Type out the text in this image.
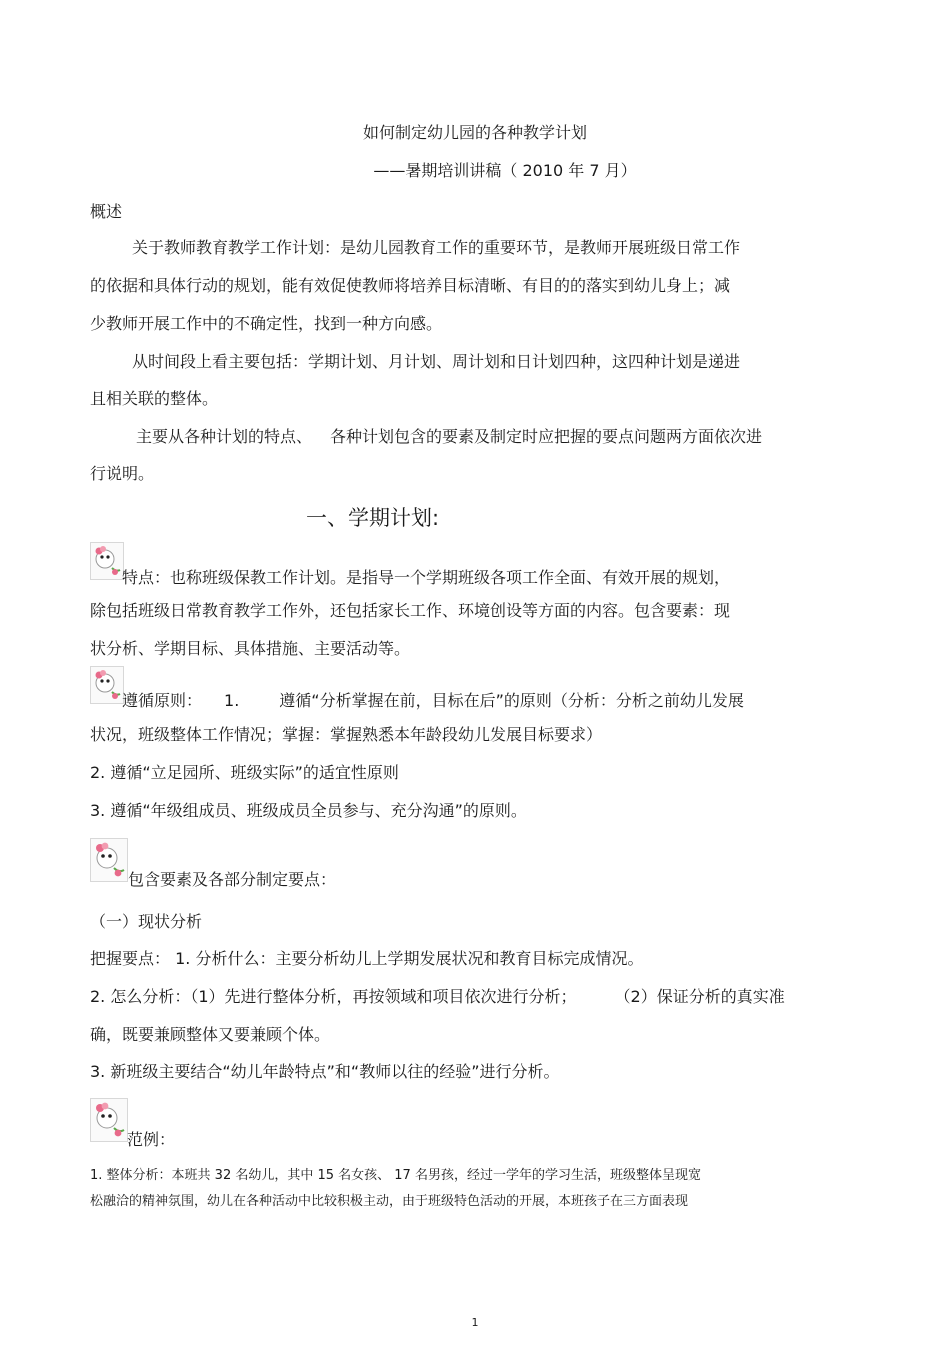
如何制定幼儿园的各种教学计划
——暑期培训讲稿（ 2010 年 7 月）
概述
关于教师教育教学工作计划：是幼儿园教育工作的重要环节，是教师开展班级日常工作
的依据和具体行动的规划，能有效促使教师将培养目标清晰、有目的的落实到幼儿身上；减
少教师开展工作中的不确定性，找到一种方向感。
从时间段上看主要包括：学期计划、月计划、周计划和日计划四种，这四种计划是递进
且相关联的整体。
主要从各种计划的特点、 各种计划包含的要素及制定时应把握的要点问题两方面依次进
行说明。
一、学期计划:
特点：也称班级保教工作计划。是指导一个学期班级各项工作全面、有效开展的规划，
除包括班级日常教育教学工作外，还包括家长工作、环境创设等方面的内容。包含要素：现
状分析、学期目标、具体措施、主要活动等。
遵循原则： 1.	遵循“分析掌握在前，目标在后”的原则（分析：分析之前幼儿发展
状况，班级整体工作情况；掌握：掌握熟悉本年龄段幼儿发展目标要求）
2. 遵循“立足园所、班级实际”的适宜性原则
3. 遵循“年级组成员、班级成员全员参与、充分沟通”的原则。
包含要素及各部分制定要点：
（一）现状分析
把握要点： 1. 分析什么：主要分析幼儿上学期发展状况和教育目标完成情况。
2. 怎么分析：（1）先进行整体分析，再按领域和项目依次进行分析； （2）保证分析的真实准
确，既要兼顾整体又要兼顾个体。
3. 新班级主要结合“幼儿年龄特点”和“教师以往的经验”进行分析。
范例：
1. 整体分析：本班共 32 名幼儿，其中 15 名女孩、 17 名男孩，经过一学年的学习生活，班级整体呈现宽
松融洽的精神氛围，幼儿在各种活动中比较积极主动，由于班级特色活动的开展，本班孩子在三方面表现
1
